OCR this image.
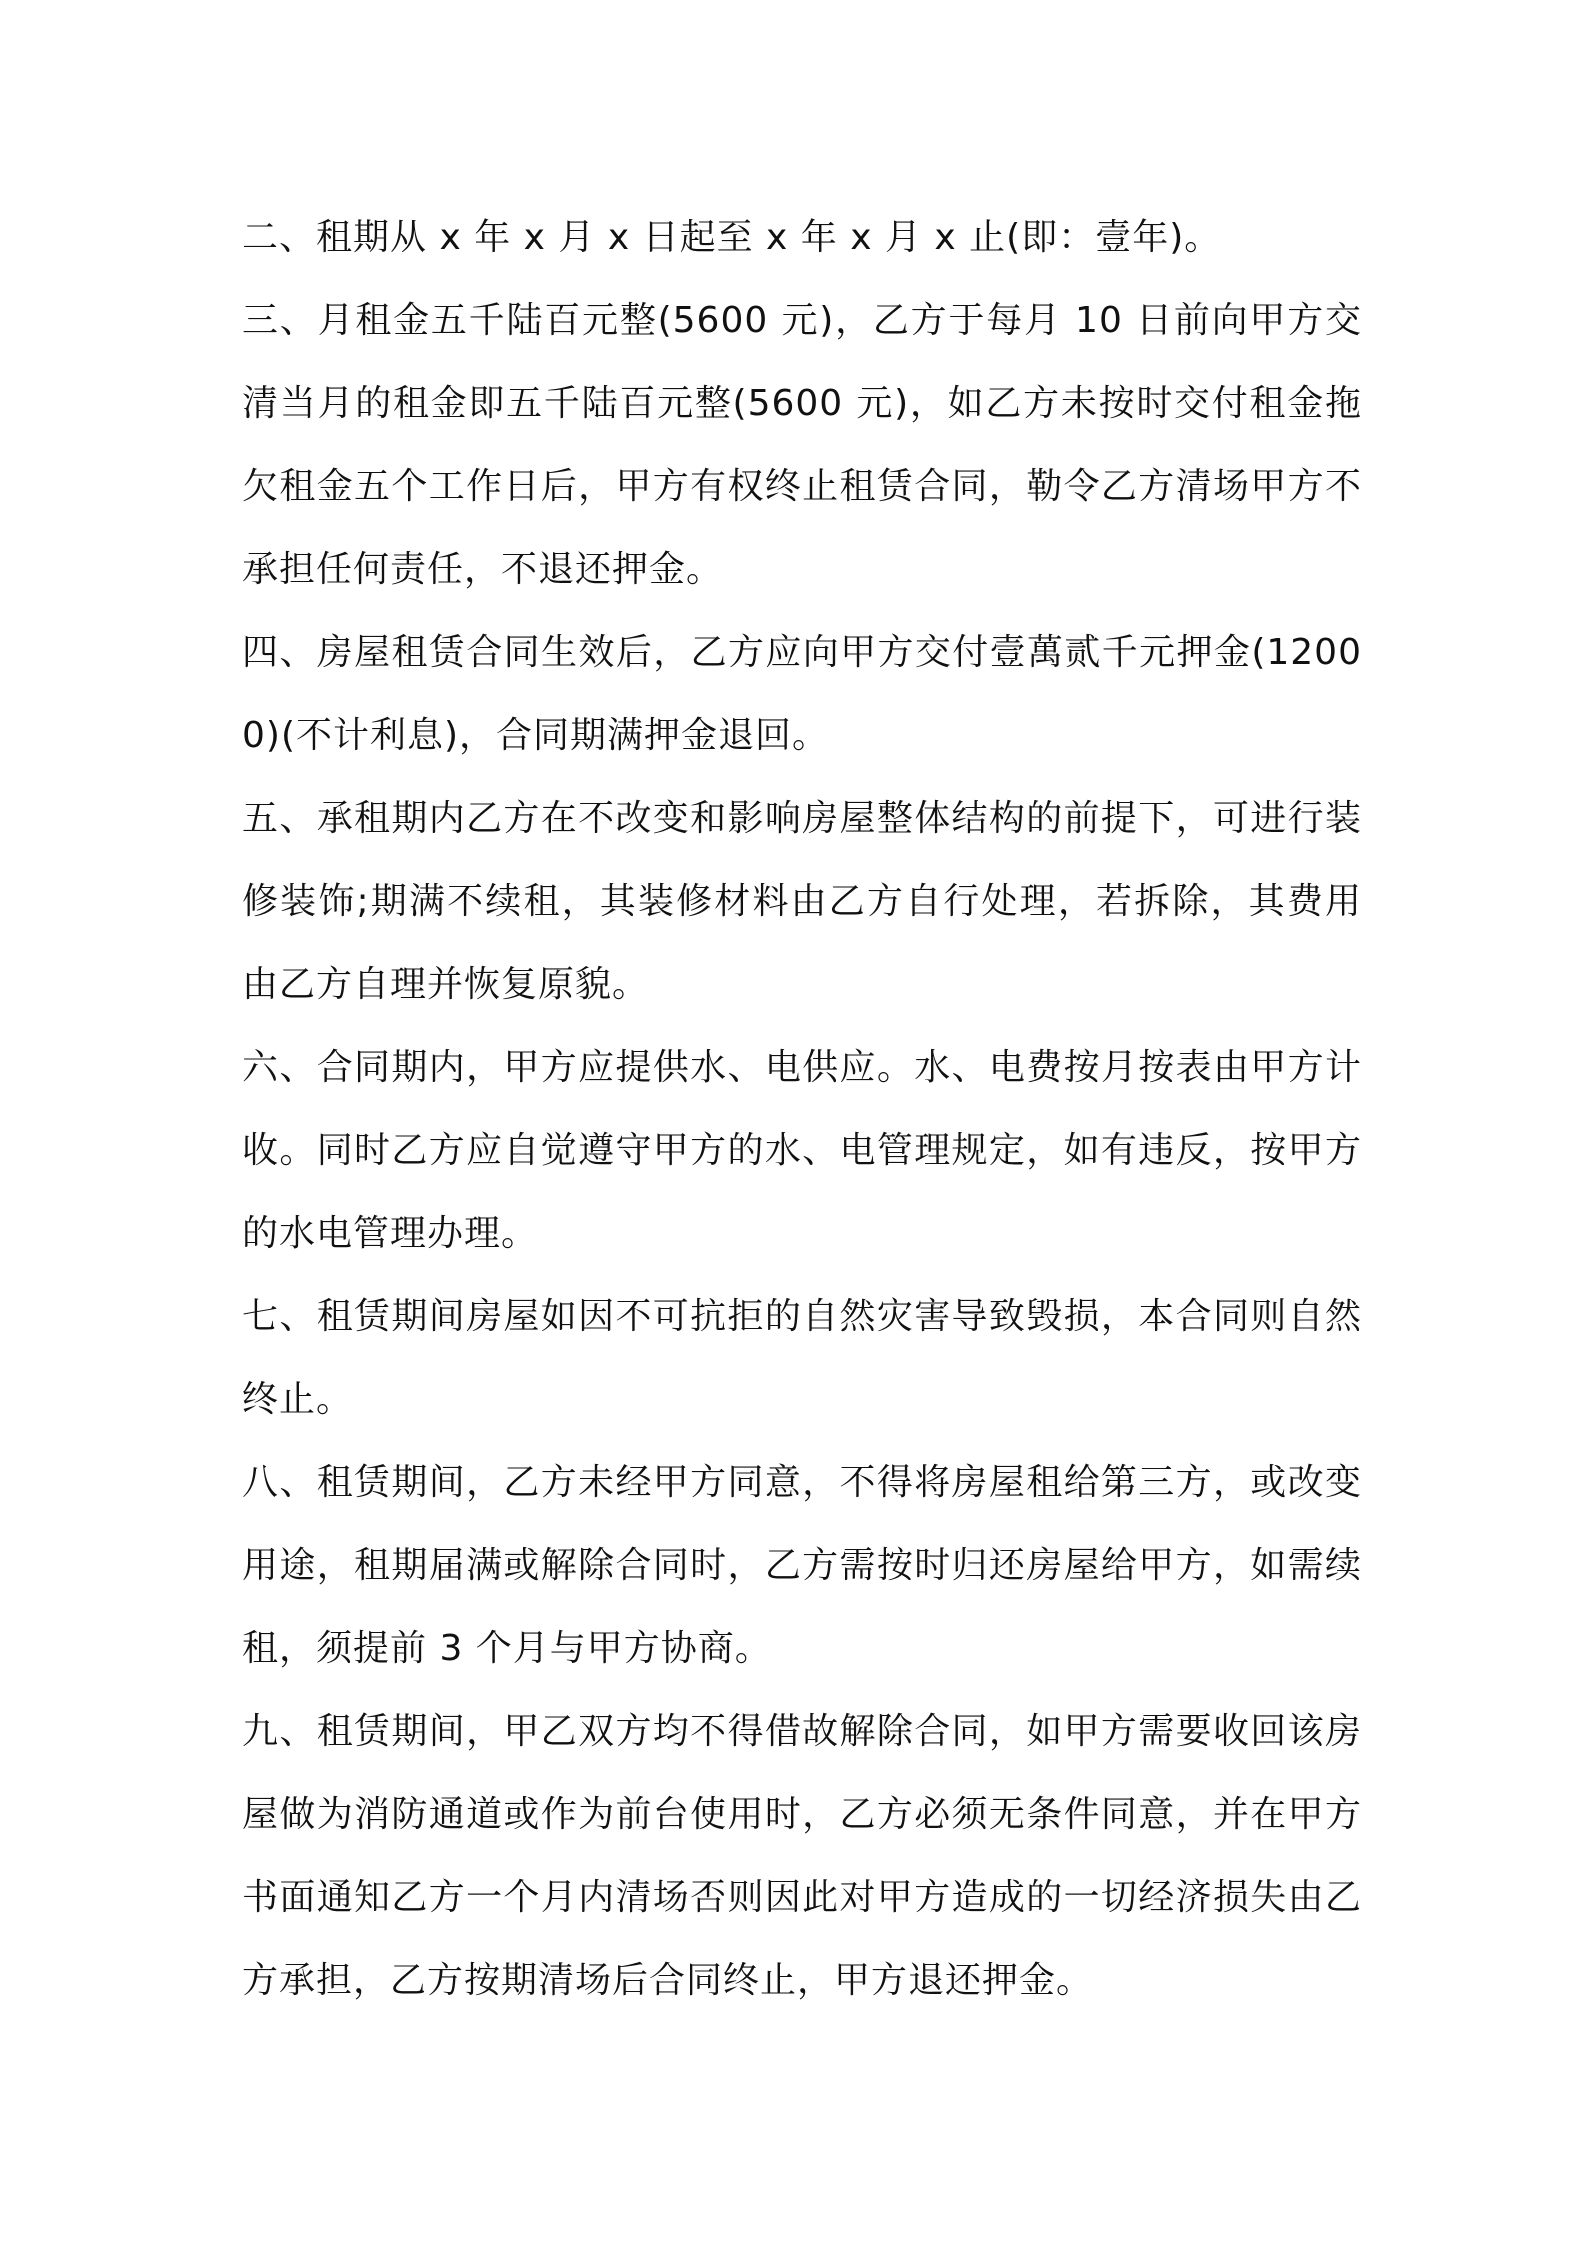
二、租期从 x 年 x 月 x 日起至 x 年 x 月 x 止(即：壹年)。

三、月租金五千陆百元整(5600 元)，乙方于每月 10 日前向甲方交清当月的租金即五千陆百元整(5600 元)，如乙方未按时交付租金拖欠租金五个工作日后，甲方有权终止租赁合同，勒令乙方清场甲方不承担任何责任，不退还押金。

四、房屋租赁合同生效后，乙方应向甲方交付壹萬贰千元押金(12000)(不计利息)，合同期满押金退回。

五、承租期内乙方在不改变和影响房屋整体结构的前提下，可进行装修装饰;期满不续租，其装修材料由乙方自行处理，若拆除，其费用由乙方自理并恢复原貌。

六、合同期内，甲方应提供水、电供应。水、电费按月按表由甲方计收。同时乙方应自觉遵守甲方的水、电管理规定，如有违反，按甲方的水电管理办理。

七、租赁期间房屋如因不可抗拒的自然灾害导致毁损，本合同则自然终止。

八、租赁期间，乙方未经甲方同意，不得将房屋租给第三方，或改变用途，租期届满或解除合同时，乙方需按时归还房屋给甲方，如需续租，须提前 3 个月与甲方协商。

九、租赁期间，甲乙双方均不得借故解除合同，如甲方需要收回该房屋做为消防通道或作为前台使用时，乙方必须无条件同意，并在甲方书面通知乙方一个月内清场否则因此对甲方造成的一切经济损失由乙方承担，乙方按期清场后合同终止，甲方退还押金。
